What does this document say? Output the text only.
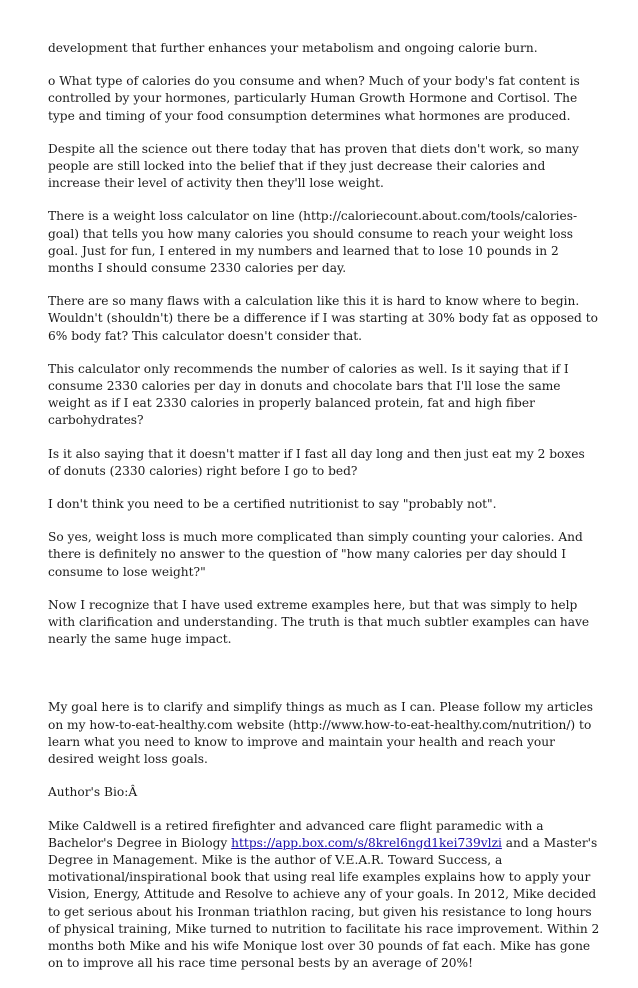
development that further enhances your metabolism and ongoing calorie burn.

o What type of calories do you consume and when? Much of your body's fat content is controlled by your hormones, particularly Human Growth Hormone and Cortisol. The type and timing of your food consumption determines what hormones are produced.

Despite all the science out there today that has proven that diets don't work, so many people are still locked into the belief that if they just decrease their calories and increase their level of activity then they'll lose weight.

There is a weight loss calculator on line (http://caloriecount.about.com/tools/calories-goal) that tells you how many calories you should consume to reach your weight loss goal. Just for fun, I entered in my numbers and learned that to lose 10 pounds in 2 months I should consume 2330 calories per day.

There are so many flaws with a calculation like this it is hard to know where to begin. Wouldn't (shouldn't) there be a difference if I was starting at 30% body fat as opposed to 6% body fat? This calculator doesn't consider that.

This calculator only recommends the number of calories as well. Is it saying that if I consume 2330 calories per day in donuts and chocolate bars that I'll lose the same weight as if I eat 2330 calories in properly balanced protein, fat and high fiber carbohydrates?

Is it also saying that it doesn't matter if I fast all day long and then just eat my 2 boxes of donuts (2330 calories) right before I go to bed?

I don't think you need to be a certified nutritionist to say "probably not".

So yes, weight loss is much more complicated than simply counting your calories. And there is definitely no answer to the question of "how many calories per day should I consume to lose weight?"

Now I recognize that I have used extreme examples here, but that was simply to help with clarification and understanding. The truth is that much subtler examples can have nearly the same huge impact.

My goal here is to clarify and simplify things as much as I can. Please follow my articles on my how-to-eat-healthy.com website (http://www.how-to-eat-healthy.com/nutrition/) to learn what you need to know to improve and maintain your health and reach your desired weight loss goals.

Author's Bio:Â

Mike Caldwell is a retired firefighter and advanced care flight paramedic with a Bachelor's Degree in Biology https://app.box.com/s/8krel6ngd1kei739vlzi and a Master's Degree in Management. Mike is the author of V.E.A.R. Toward Success, a motivational/inspirational book that using real life examples explains how to apply your Vision, Energy, Attitude and Resolve to achieve any of your goals. In 2012, Mike decided to get serious about his Ironman triathlon racing, but given his resistance to long hours of physical training, Mike turned to nutrition to facilitate his race improvement. Within 2 months both Mike and his wife Monique lost over 30 pounds of fat each. Mike has gone on to improve all his race time personal bests by an average of 20%!
